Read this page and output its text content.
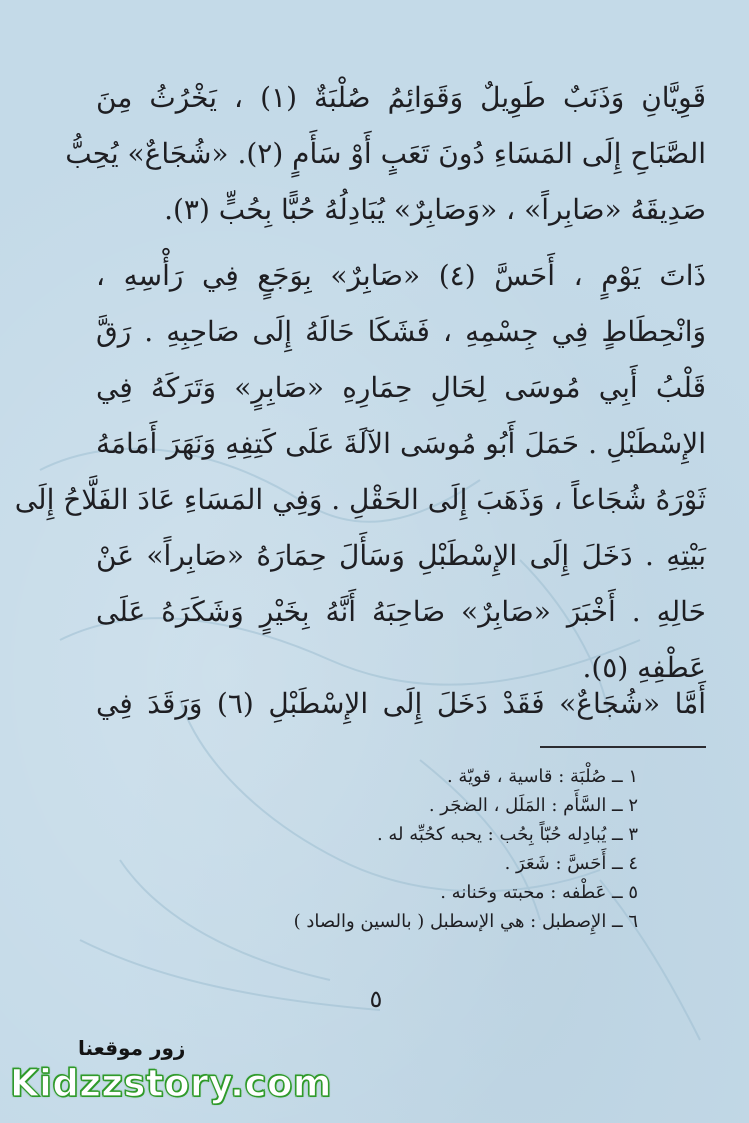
قَوِيَّانِ وَذَنَبٌ طَوِيلٌ وَقَوَائِمُ صُلْبَةٌ (١) ، يَخْرُثُ مِنَ
الصَّبَاحِ إِلَى المَسَاءِ دُونَ تَعَبٍ أَوْ سَأَمٍ (٢). «شُجَاعٌ» يُحِبُّ
صَدِيقَهُ «صَابِراً» ، «وَصَابِرٌ» يُبَادِلُهُ حُبًّا بِحُبٍّ (٣).

ذَاتَ يَوْمٍ ، أَحَسَّ (٤) «صَابِرٌ» بِوَجَعٍ فِي رَأْسِهِ ،
وَانْحِطَاطٍ فِي جِسْمِهِ ، فَشَكَا حَالَهُ إِلَى صَاحِبِهِ . رَقَّ
قَلْبُ أَبِي مُوسَى لِحَالِ حِمَارِهِ «صَابِرٍ» وَتَرَكَهُ فِي
الإِسْطَبْلِ . حَمَلَ أَبُو مُوسَى الآلَةَ عَلَى كَتِفِهِ وَنَهَرَ أَمَامَهُ
ثَوْرَهُ شُجَاعاً ، وَذَهَبَ إِلَى الحَقْلِ . وَفِي المَسَاءِ عَادَ الفَلَّاحُ إِلَى
بَيْتِهِ . دَخَلَ إِلَى الإِسْطَبْلِ وَسَأَلَ حِمَارَهُ «صَابِراً» عَنْ
حَالِهِ . أَخْبَرَ «صَابِرٌ» صَاحِبَهُ أَنَّهُ بِخَيْرٍ وَشَكَرَهُ عَلَى
عَطْفِهِ (٥).

أَمَّا «شُجَاعٌ» فَقَدْ دَخَلَ إِلَى الإِسْطَبْلِ (٦) وَرَقَدَ فِي

١ ــ صُلْبَة : قاسية ، قويّة .
٢ ــ السَّأَم : المَلَل ، الضجَر .
٣ ــ يُبادِله حُبّاً بِحُب : يحبه كحُبِّه له .
٤ ــ أَحَسَّ : شَعَرَ .
٥ ــ عَطْفه : محبته وحَنانه .
٦ ــ الإِصطبل : هي الإسطبل ( بالسين والصاد )
٥
زور موقعنا
Kidzzstory.com
